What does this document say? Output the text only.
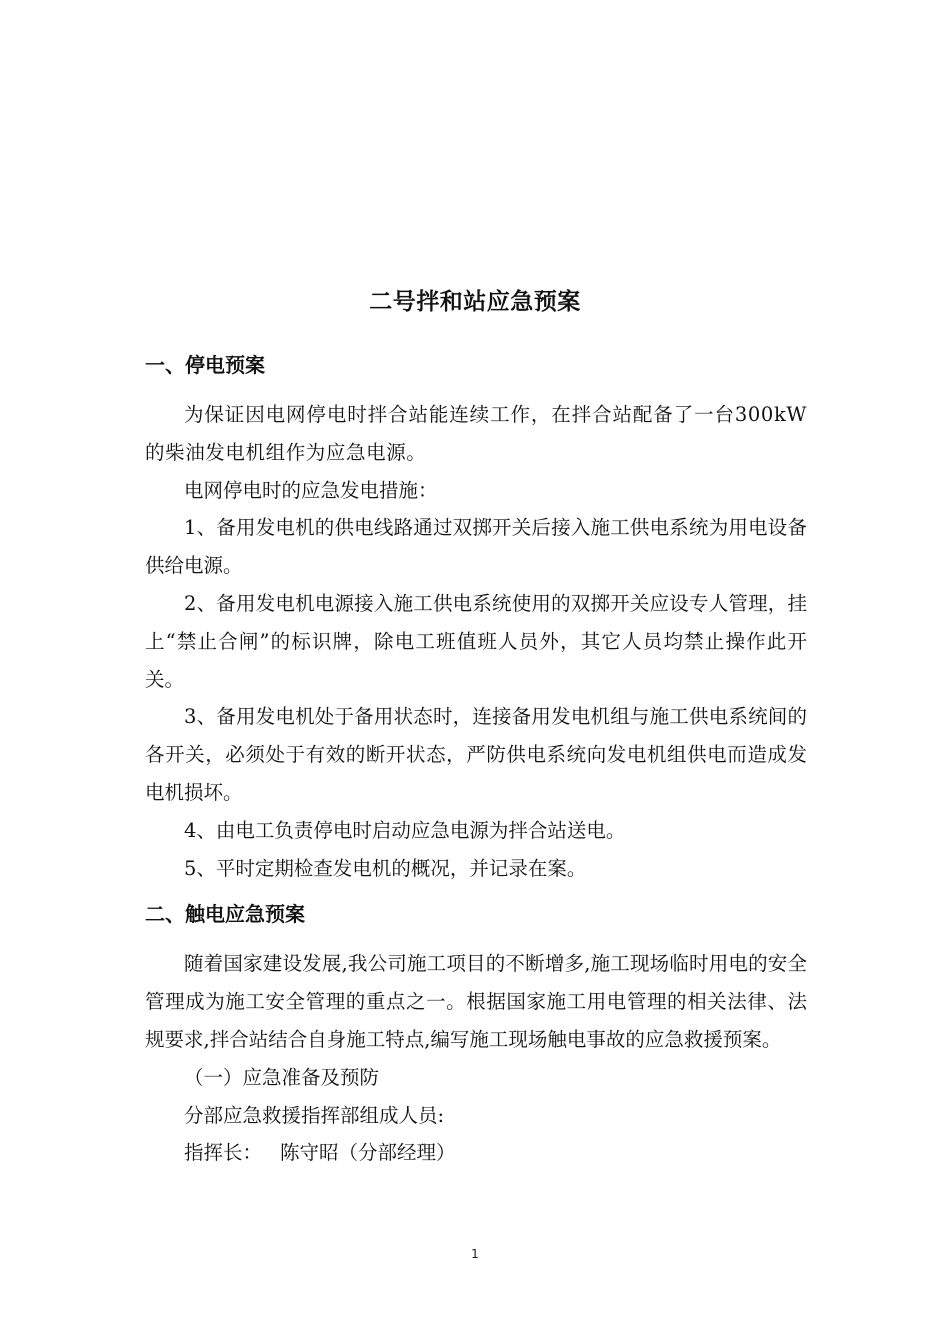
二号拌和站应急预案

一、停电预案

为保证因电网停电时拌合站能连续工作，在拌合站配备了一台300kW的柴油发电机组作为应急电源。

电网停电时的应急发电措施：

1、备用发电机的供电线路通过双掷开关后接入施工供电系统为用电设备供给电源。

2、备用发电机电源接入施工供电系统使用的双掷开关应设专人管理，挂上“禁止合闸”的标识牌，除电工班值班人员外，其它人员均禁止操作此开关。

3、备用发电机处于备用状态时，连接备用发电机组与施工供电系统间的各开关，必须处于有效的断开状态，严防供电系统向发电机组供电而造成发电机损坏。

4、由电工负责停电时启动应急电源为拌合站送电。

5、平时定期检查发电机的概况，并记录在案。

二、触电应急预案

随着国家建设发展,我公司施工项目的不断增多,施工现场临时用电的安全管理成为施工安全管理的重点之一。根据国家施工用电管理的相关法律、法规要求,拌合站结合自身施工特点,编写施工现场触电事故的应急救援预案。

（一）应急准备及预防

分部应急救援指挥部组成人员:

指挥长： 陈守昭（分部经理）

1
